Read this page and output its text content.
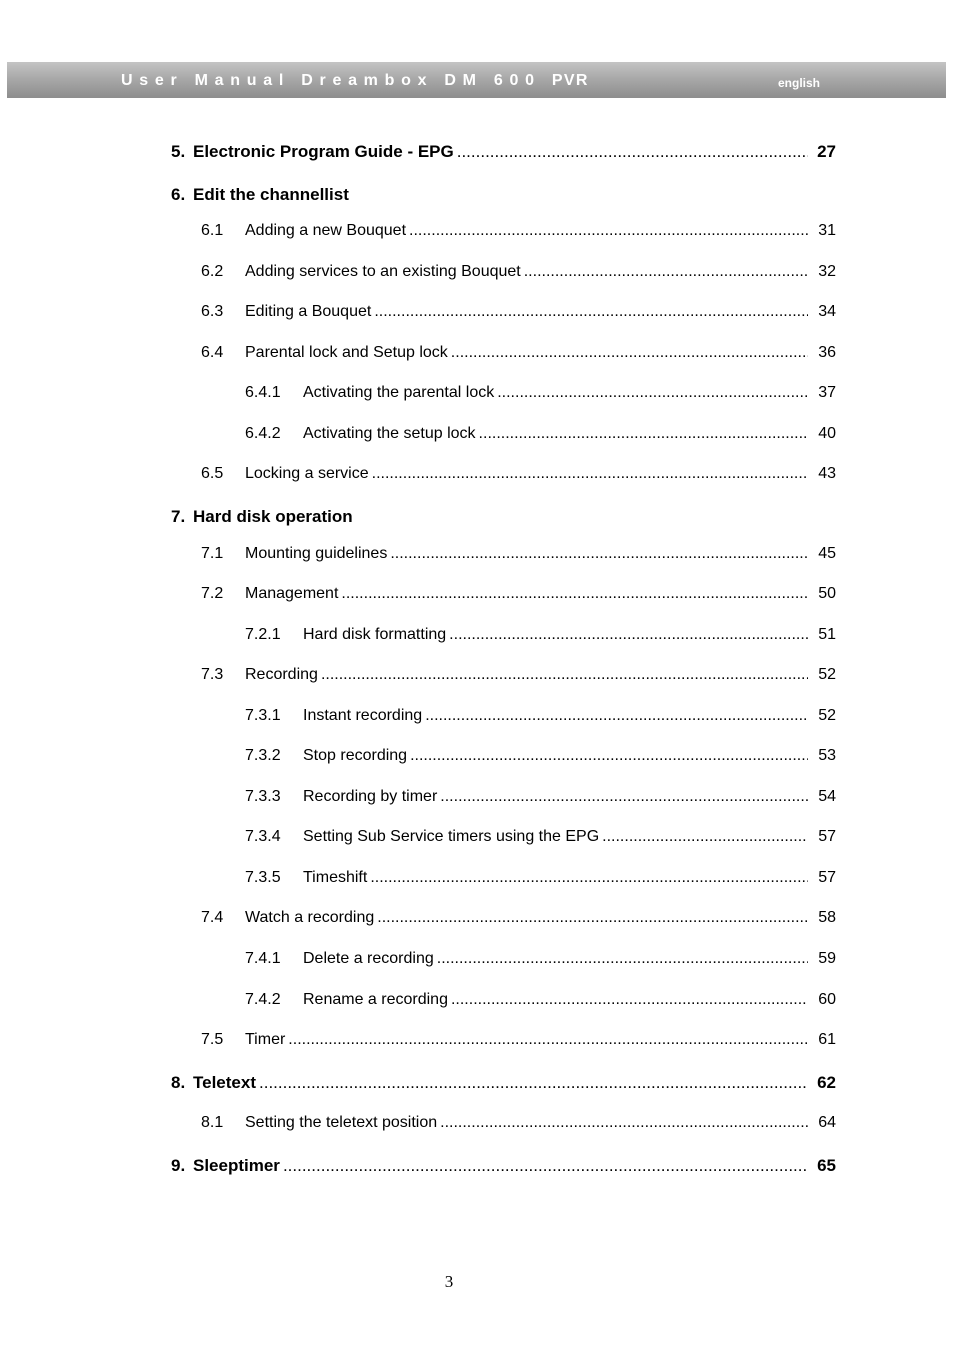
User Manual Dreambox DM 600 PVR	english
5. Electronic Program Guide - EPG .....	27
6. Edit the channellist
6.1	Adding a new Bouquet .....	31
6.2	Adding services to an existing Bouquet .....	32
6.3	Editing a Bouquet .....	34
6.4	Parental lock and Setup lock .....	36
6.4.1	Activating the parental lock .....	37
6.4.2	Activating the setup lock .....	40
6.5	Locking a service .....	43
7. Hard disk operation
7.1	Mounting guidelines .....	45
7.2	Management .....	50
7.2.1	Hard disk formatting .....	51
7.3	Recording .....	52
7.3.1	Instant recording .....	52
7.3.2	Stop recording .....	53
7.3.3	Recording by timer .....	54
7.3.4	Setting Sub Service timers using the EPG .....	57
7.3.5	Timeshift .....	57
7.4	Watch a recording .....	58
7.4.1	Delete a recording .....	59
7.4.2	Rename a recording .....	60
7.5	Timer .....	61
8. Teletext .....	62
8.1	Setting the teletext position .....	64
9. Sleeptimer .....	65
3
